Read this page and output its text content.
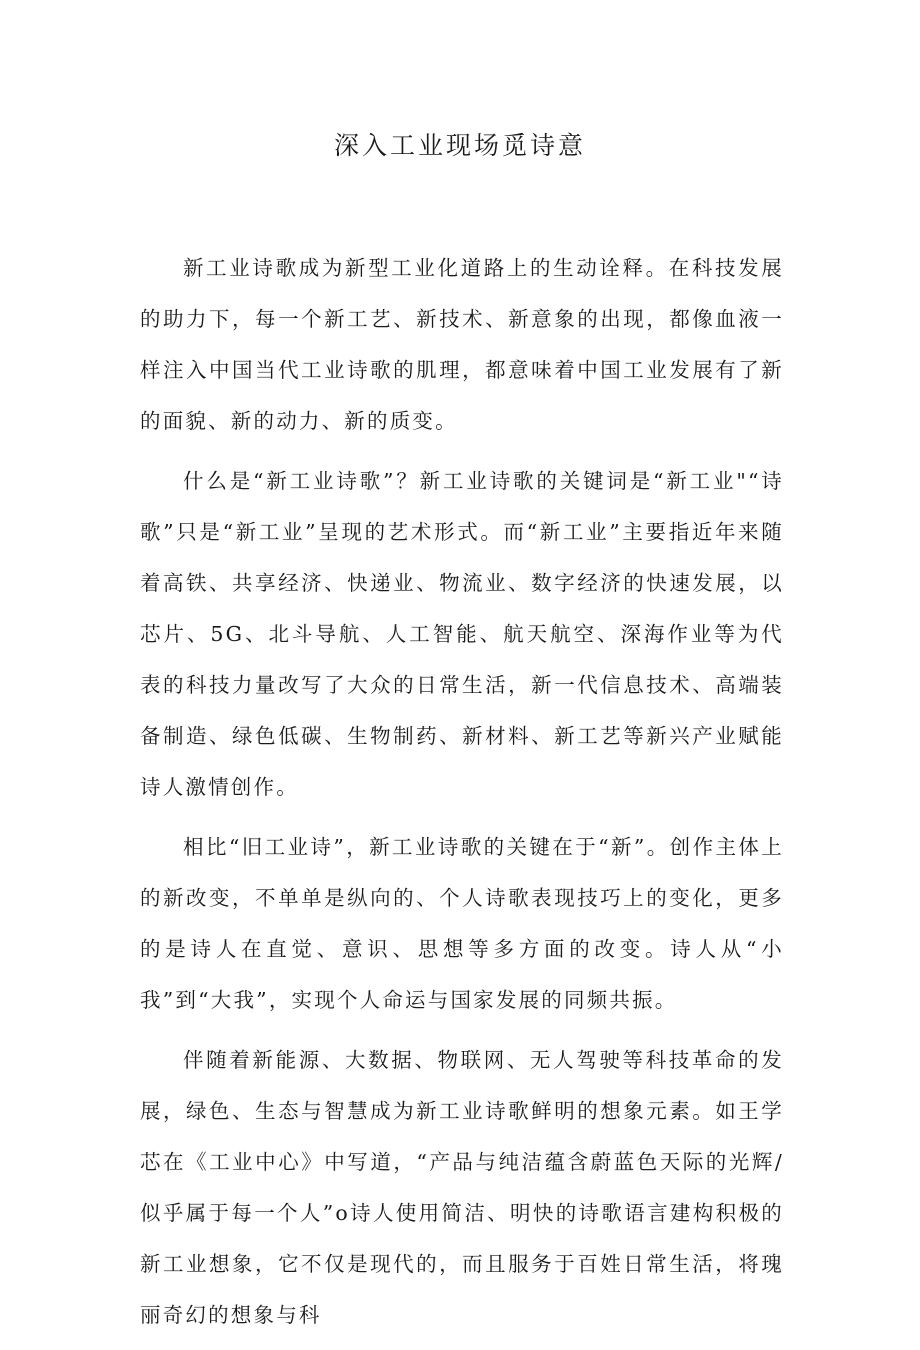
深入工业现场觅诗意

新工业诗歌成为新型工业化道路上的生动诠释。在科技发展的助力下，每一个新工艺、新技术、新意象的出现，都像血液一样注入中国当代工业诗歌的肌理，都意味着中国工业发展有了新的面貌、新的动力、新的质变。

什么是“新工业诗歌”？新工业诗歌的关键词是“新工业"“诗歌”只是“新工业”呈现的艺术形式。而“新工业”主要指近年来随着高铁、共享经济、快递业、物流业、数字经济的快速发展，以芯片、5G、北斗导航、人工智能、航天航空、深海作业等为代表的科技力量改写了大众的日常生活，新一代信息技术、高端装备制造、绿色低碳、生物制药、新材料、新工艺等新兴产业赋能诗人激情创作。

相比“旧工业诗”，新工业诗歌的关键在于“新”。创作主体上的新改变，不单单是纵向的、个人诗歌表现技巧上的变化，更多的是诗人在直觉、意识、思想等多方面的改变。诗人从“小我”到“大我”，实现个人命运与国家发展的同频共振。

伴随着新能源、大数据、物联网、无人驾驶等科技革命的发展，绿色、生态与智慧成为新工业诗歌鲜明的想象元素。如王学芯在《工业中心》中写道，“产品与纯洁蕴含蔚蓝色天际的光辉/似乎属于每一个人”o诗人使用简洁、明快的诗歌语言建构积极的新工业想象，它不仅是现代的，而且服务于百姓日常生活，将瑰丽奇幻的想象与科
